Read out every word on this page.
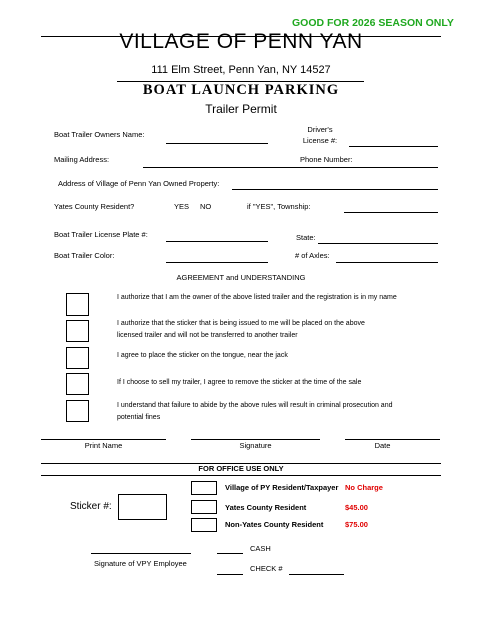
GOOD FOR 2026 SEASON ONLY
VILLAGE OF PENN YAN
111 Elm Street, Penn Yan, NY 14527
BOAT LAUNCH PARKING
Trailer Permit
Boat Trailer Owners Name:
Driver's
License #:
Mailing Address:	Phone Number:
Address of Village of Penn Yan Owned Property:
Yates County Resident?	YES NO	if "YES", Township:
Boat Trailer License Plate #:	State:
Boat Trailer Color:	# of Axles:
AGREEMENT and UNDERSTANDING
I authorize that I am the owner of the above listed trailer and the registration is in my name
I authorize that the sticker that is being issued to me will be placed on the above licensed trailer and will not be transferred to another trailer
I agree to place the sticker on the tongue, near the jack
If I choose to sell my trailer, I agree to remove the sticker at the time of the sale
I understand that failure to abide by the above rules will result in criminal prosecution and potential fines
Print Name	Signature	Date
FOR OFFICE USE ONLY
Sticker #:
Village of PY Resident/Taxpayer No Charge
Yates County Resident	$45.00
Non-Yates County Resident	$75.00
Signature of VPY Employee
CASH
CHECK #
